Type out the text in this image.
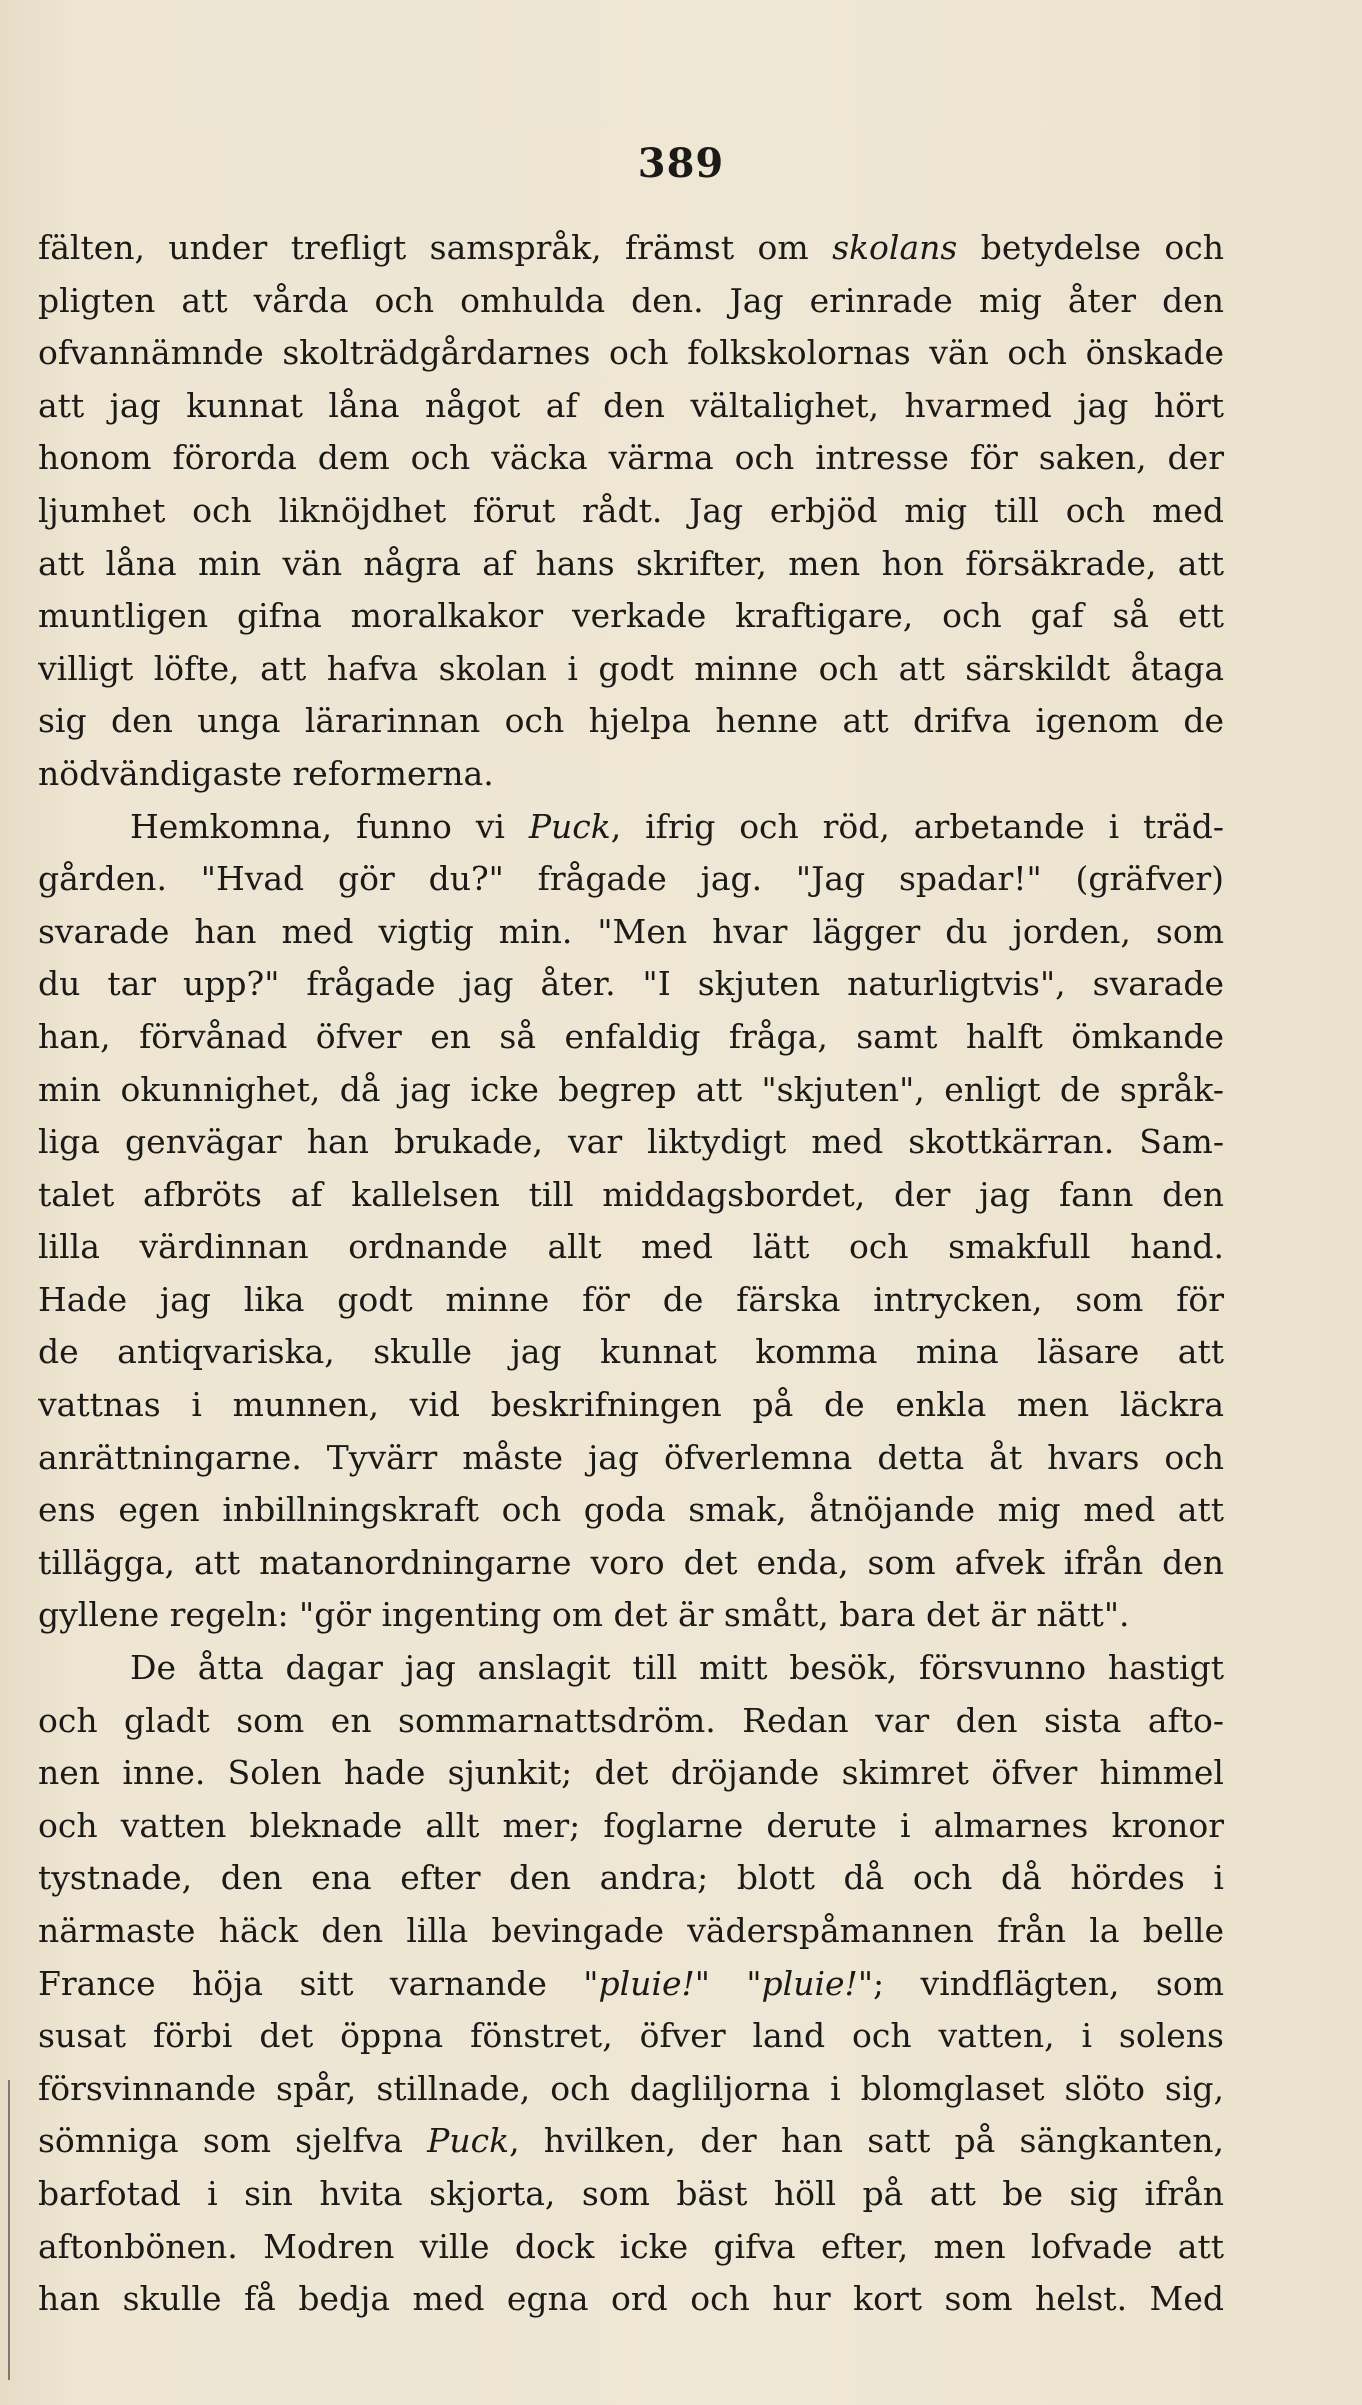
389
fälten, under trefligt samspråk, främst om skolans betydelse och
pligten att vårda och omhulda den. Jag erinrade mig åter den
ofvannämnde skolträdgårdarnes och folkskolornas vän och önskade
att jag kunnat låna något af den vältalighet, hvarmed jag hört
honom förorda dem och väcka värma och intresse för saken, der
ljumhet och liknöjdhet förut rådt. Jag erbjöd mig till och med
att låna min vän några af hans skrifter, men hon försäkrade, att
muntligen gifna moralkakor verkade kraftigare, och gaf så ett
villigt löfte, att hafva skolan i godt minne och att särskildt åtaga
sig den unga lärarinnan och hjelpa henne att drifva igenom de
nödvändigaste reformerna.
Hemkomna, funno vi Puck, ifrig och röd, arbetande i träd-
gården. "Hvad gör du?" frågade jag. "Jag spadar!" (gräfver)
svarade han med vigtig min. "Men hvar lägger du jorden, som
du tar upp?" frågade jag åter. "I skjuten naturligtvis", svarade
han, förvånad öfver en så enfaldig fråga, samt halft ömkande
min okunnighet, då jag icke begrep att "skjuten", enligt de språk-
liga genvägar han brukade, var liktydigt med skottkärran. Sam-
talet afbröts af kallelsen till middagsbordet, der jag fann den
lilla värdinnan ordnande allt med lätt och smakfull hand.
Hade jag lika godt minne för de färska intrycken, som för
de antiqvariska, skulle jag kunnat komma mina läsare att
vattnas i munnen, vid beskrifningen på de enkla men läckra
anrättningarne. Tyvärr måste jag öfverlemna detta åt hvars och
ens egen inbillningskraft och goda smak, åtnöjande mig med att
tillägga, att matanordningarne voro det enda, som afvek ifrån den
gyllene regeln: "gör ingenting om det är smått, bara det är nätt".
De åtta dagar jag anslagit till mitt besök, försvunno hastigt
och gladt som en sommarnattsdröm. Redan var den sista afto-
nen inne. Solen hade sjunkit; det dröjande skimret öfver himmel
och vatten bleknade allt mer; foglarne derute i almarnes kronor
tystnade, den ena efter den andra; blott då och då hördes i
närmaste häck den lilla bevingade väderspåmannen från la belle
France höja sitt varnande "pluie!" "pluie!"; vindflägten, som
susat förbi det öppna fönstret, öfver land och vatten, i solens
försvinnande spår, stillnade, och dagliljorna i blomglaset slöto sig,
sömniga som sjelfva Puck, hvilken, der han satt på sängkanten,
barfotad i sin hvita skjorta, som bäst höll på att be sig ifrån
aftonbönen. Modren ville dock icke gifva efter, men lofvade att
han skulle få bedja med egna ord och hur kort som helst. Med
